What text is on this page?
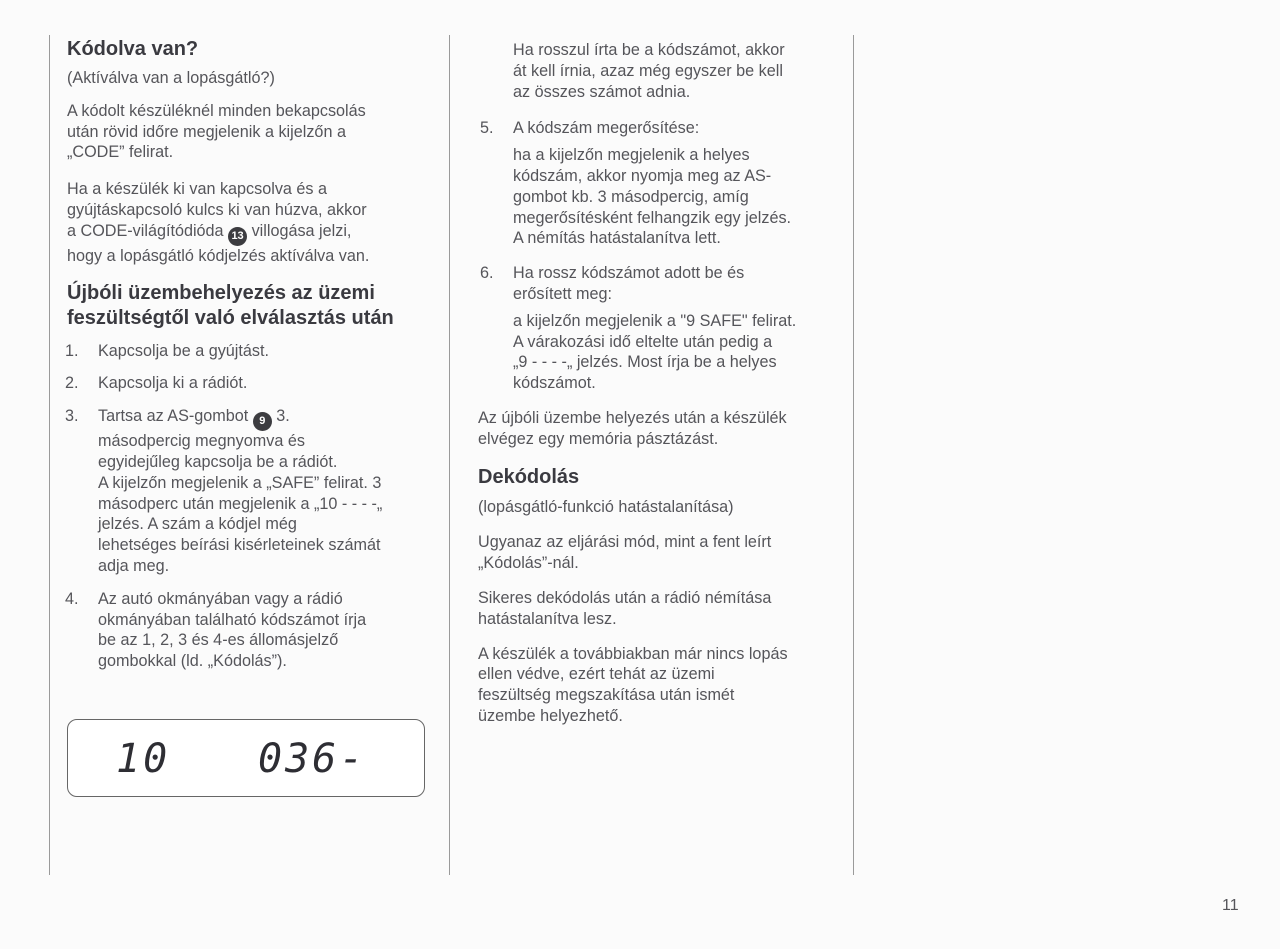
Kódolva van?

(Aktíválva van a lopásgátló?)

A kódolt készüléknél minden bekapcsolás
után rövid időre megjelenik a kijelzőn a
„CODE” felirat.

Ha a készülék ki van kapcsolva és a
gyújtáskapcsoló kulcs ki van húzva, akkor
a CODE-világítódióda 13 villogása jelzi,
hogy a lopásgátló kódjelzés aktíválva van.

Újbóli üzembehelyezés az üzemi
feszültségtől való elválasztás után
1. Kapcsolja be a gyújtást.
2. Kapcsolja ki a rádiót.
3. Tartsa az AS-gombot 9 3.
másodpercig megnyomva és
egyidejűleg kapcsolja be a rádiót.
A kijelzőn megjelenik a „SAFE” felirat. 3
másodperc után megjelenik a „10 - - - -„
jelzés. A szám a kódjel még
lehetséges beírási kisérleteinek számát
adja meg.
4. Az autó okmányában vagy a rádió
okmányában található kódszámot írja
be az 1, 2, 3 és 4-es állomásjelző
gombokkal (ld. „Kódolás”).
10 036-

Ha rosszul írta be a kódszámot, akkor
át kell írnia, azaz még egyszer be kell
az összes számot adnia.

5. A kódszám megerősítése:
ha a kijelzőn megjelenik a helyes
kódszám, akkor nyomja meg az AS-
gombot kb. 3 másodpercig, amíg
megerősítésként felhangzik egy jelzés.
A némítás hatástalanítva lett.
6. Ha rossz kódszámot adott be és
erősített meg:
a kijelzőn megjelenik a "9 SAFE" felirat.
A várakozási idő eltelte után pedig a
„9 - - - -„ jelzés. Most írja be a helyes
kódszámot.

Az újbóli üzembe helyezés után a készülék
elvégez egy memória pásztázást.

Dekódolás

(lopásgátló-funkció hatástalanítása)

Ugyanaz az eljárási mód, mint a fent leírt
„Kódolás”-nál.

Sikeres dekódolás után a rádió némítása
hatástalanítva lesz.

A készülék a továbbiakban már nincs lopás
ellen védve, ezért tehát az üzemi
feszültség megszakítása után ismét
üzembe helyezhető.

11
